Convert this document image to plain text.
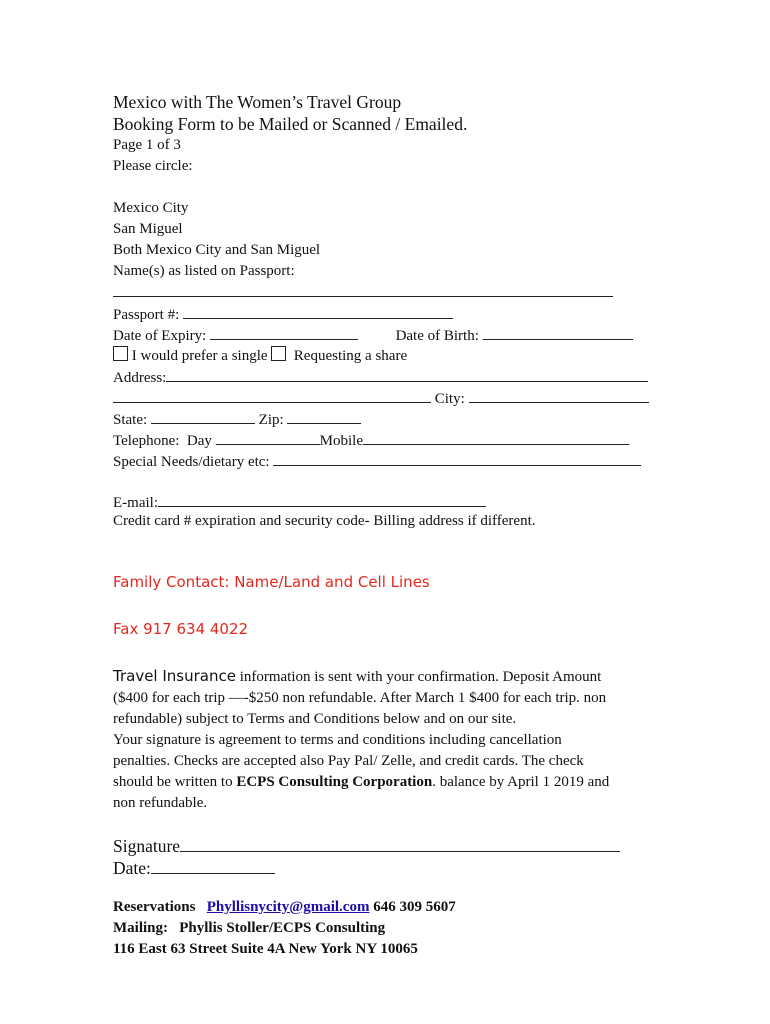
Mexico with The Women’s Travel Group
Booking Form to be Mailed or Scanned / Emailed.
Page 1 of 3
Please circle:
Mexico City
San Miguel
Both Mexico City and San Miguel
Name(s) as listed on Passport:
Passport #:
Date of Expiry:	Date of Birth:
I would prefer a single Requesting a share
Address:
City:
State:	Zip:
Telephone:  Day	Mobile
Special Needs/dietary etc:
E-mail:
Credit card # expiration and security code- Billing address if different.
Family Contact: Name/Land and Cell Lines
Fax 917 634 4022
Travel Insurance information is sent with your confirmation. Deposit Amount
($400 for each trip —-$250 non refundable. After March 1 $400 for each trip. non
refundable) subject to Terms and Conditions below and on our site.
Your signature is agreement to terms and conditions including cancellation
penalties. Checks are accepted also Pay Pal/ Zelle, and credit cards. The check
should be written to ECPS Consulting Corporation. balance by April 1 2019 and
non refundable.
Signature
Date:
Reservations Phyllisnycity@gmail.com 646 309 5607
Mailing:   Phyllis Stoller/ECPS Consulting
116 East 63 Street Suite 4A New York NY 10065
